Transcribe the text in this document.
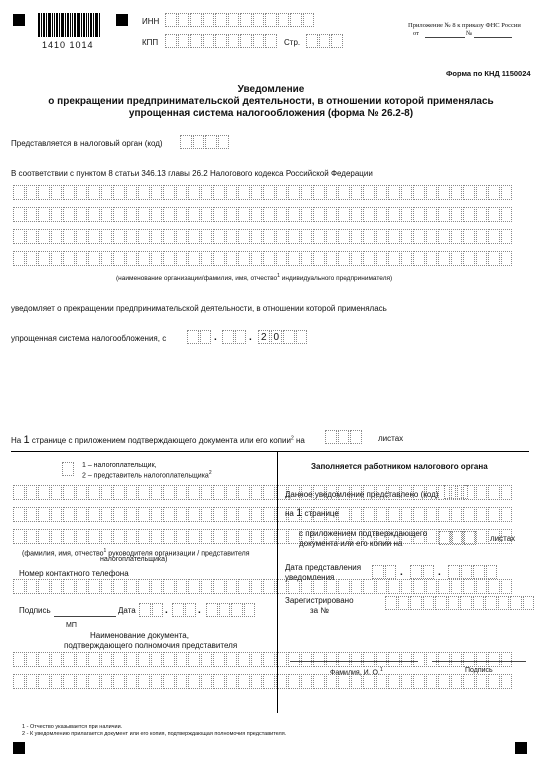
1410 1014
ИНН
КПП	Стр.
Приложение № 8 к приказу ФНС России
от	№
Форма по КНД 1150024
Уведомление
о прекращении предпринимательской деятельности, в отношении которой применялась
упрощенная система налогообложения (форма № 26.2-8)
Представляется в налоговый орган (код)
В соответствии с пунктом 8 статьи 346.13 главы 26.2 Налогового кодекса Российской Федерации
(наименование организации/фамилия, имя, отчество$^1$ индивидуального предпринимателя)
уведомляет о прекращении предпринимательской деятельности, в отношении которой применялась
упрощенная система налогообложения, с	.	. 2 0
На 1 странице с приложением подтверждающего документа или его копии$^2$ на	листах
1 – налогоплательщик,
2 – представитель налогоплательщика$^2$
(фамилия, имя, отчество$^1$ руководителя организации / представителя
налогоплательщика)
Номер контактного телефона
Подпись	Дата	.	.
МП
Наименование документа,
подтверждающего полномочия представителя
Заполняется работником налогового органа
Данное уведомление представлено (код)
на 1 странице
с приложением подтверждающего
документа или его копии на
листах
Дата представления
уведомления	.	.
Зарегистрировано
за №
Фамилия, И. О.$^1$	Подпись
1 - Отчество указывается при наличии.
2 - К уведомлению прилагается документ или его копия, подтверждающая полномочия представителя.
